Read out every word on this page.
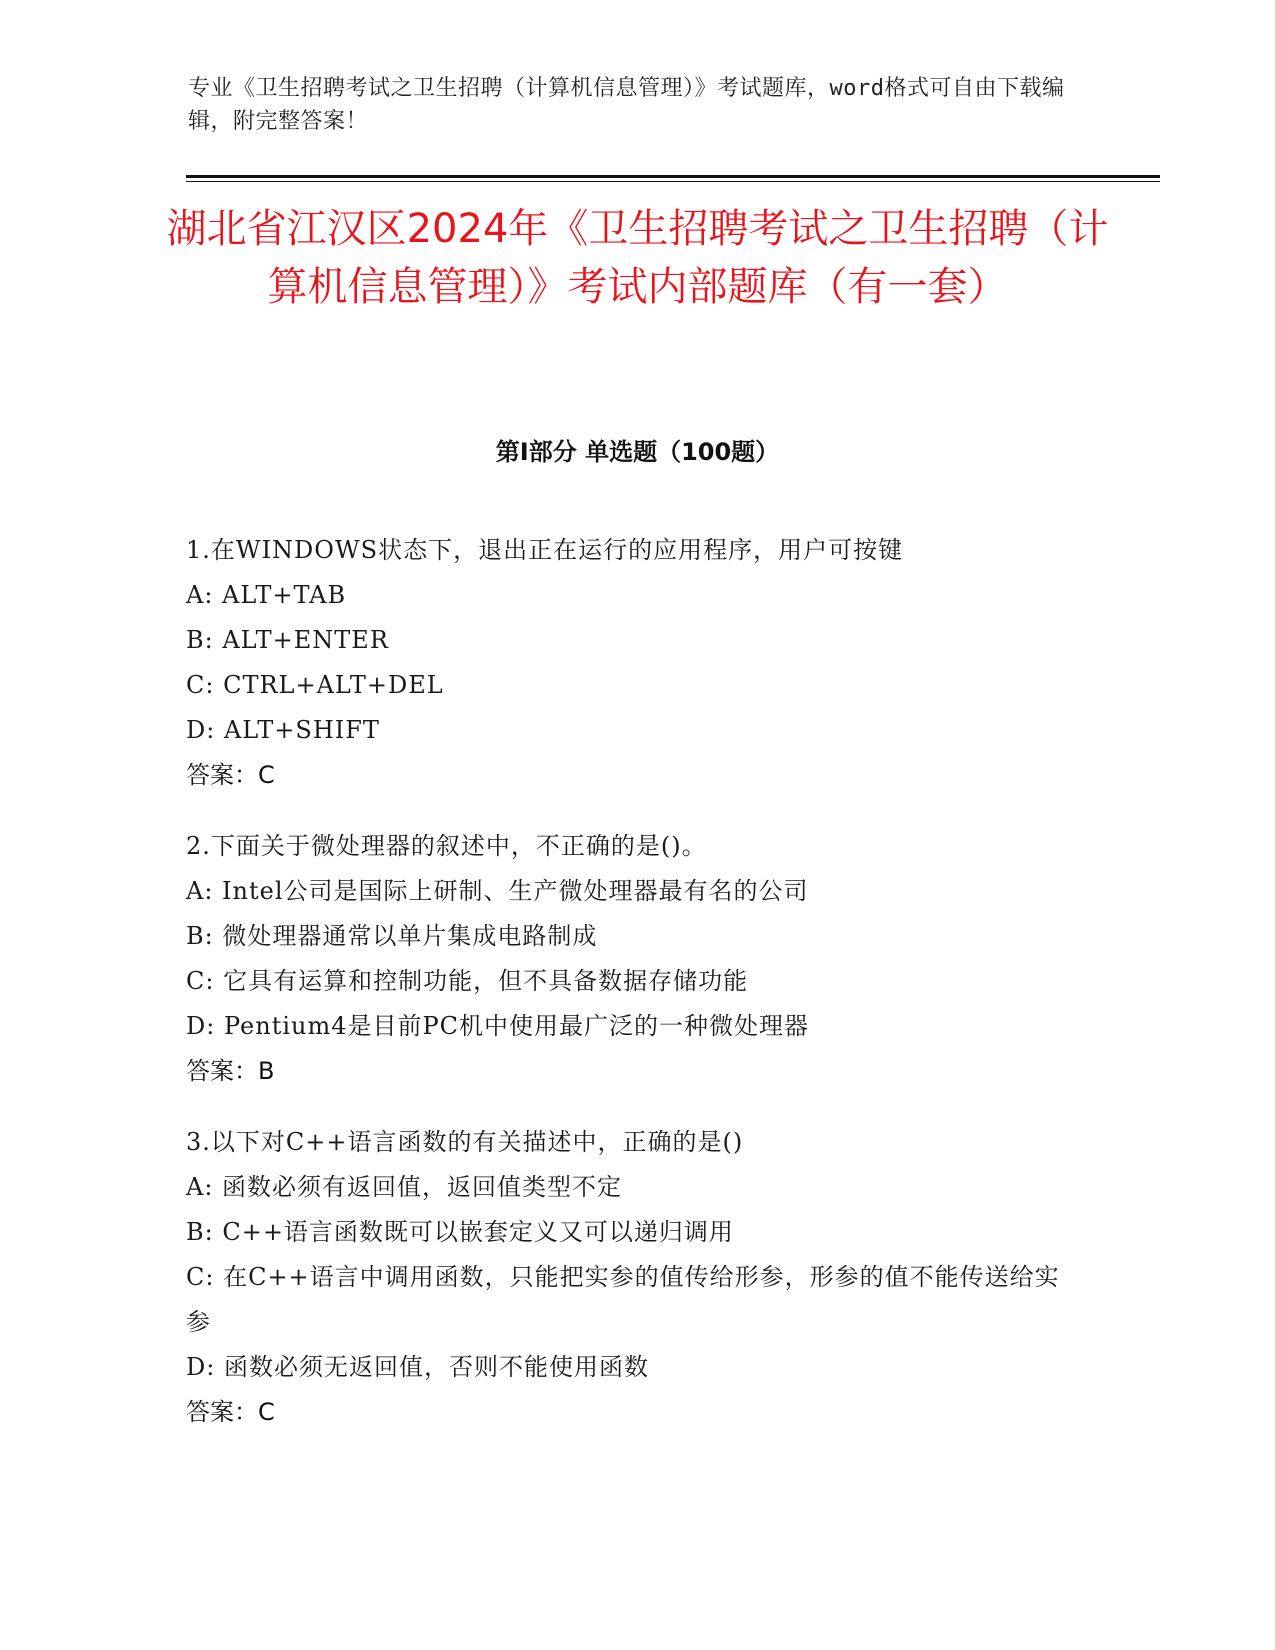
专业《卫生招聘考试之卫生招聘（计算机信息管理）》考试题库，word格式可自由下载编辑，附完整答案！
湖北省江汉区2024年《卫生招聘考试之卫生招聘（计算机信息管理）》考试内部题库（有一套）
第I部分 单选题（100题）
1.在WINDOWS状态下，退出正在运行的应用程序，用户可按键
A: ALT+TAB
B: ALT+ENTER
C: CTRL+ALT+DEL
D: ALT+SHIFT
答案：C
2.下面关于微处理器的叙述中，不正确的是()。
A: Intel公司是国际上研制、生产微处理器最有名的公司
B: 微处理器通常以单片集成电路制成
C: 它具有运算和控制功能，但不具备数据存储功能
D: Pentium4是目前PC机中使用最广泛的一种微处理器
答案：B
3.以下对C++语言函数的有关描述中，正确的是()
A: 函数必须有返回值，返回值类型不定
B: C++语言函数既可以嵌套定义又可以递归调用
C: 在C++语言中调用函数，只能把实参的值传给形参，形参的值不能传送给实参
D: 函数必须无返回值，否则不能使用函数
答案：C
